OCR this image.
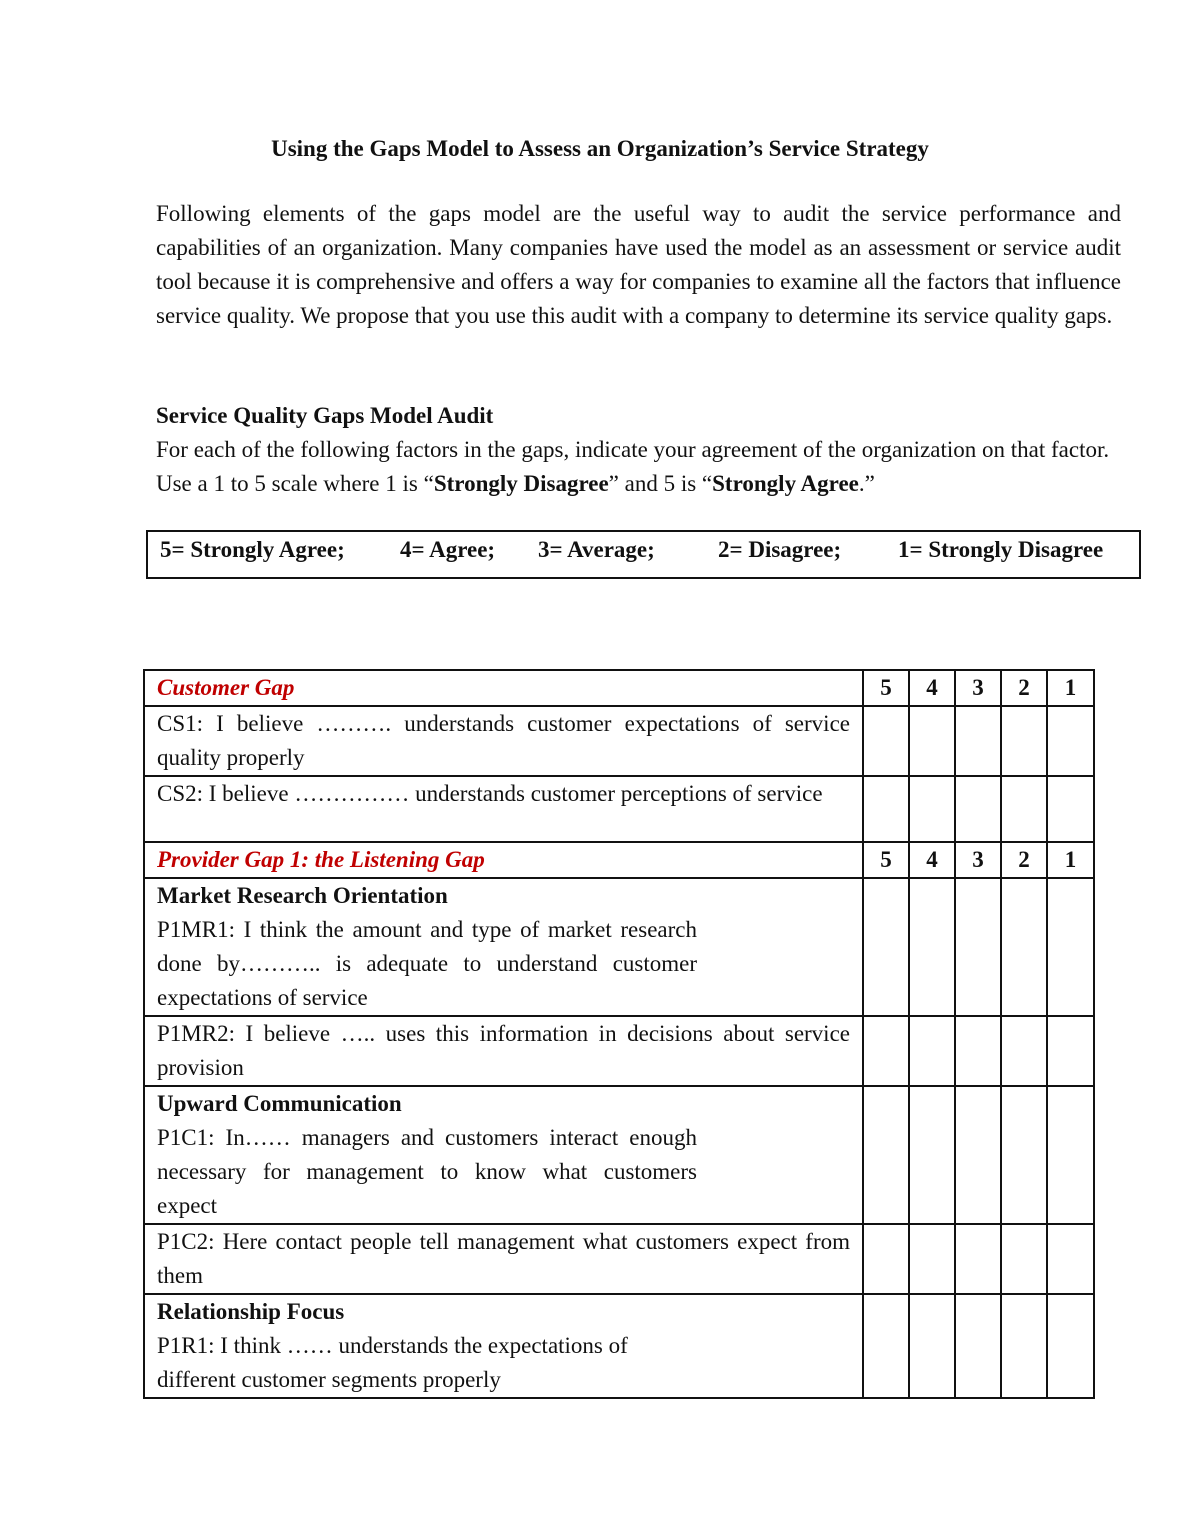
Using the Gaps Model to Assess an Organization’s Service Strategy

Following elements of the gaps model are the useful way to audit the service performance and capabilities of an organization. Many companies have used the model as an assessment or service audit tool because it is comprehensive and offers a way for companies to examine all the factors that influence service quality. We propose that you use this audit with a company to determine its service quality gaps.

Service Quality Gaps Model Audit

For each of the following factors in the gaps, indicate your agreement of the organization on that factor. Use a 1 to 5 scale where 1 is “Strongly Disagree” and 5 is “Strongly Agree.”

5= Strongly Agree; 4= Agree; 3= Average;	2= Disagree; 1= Strongly Disagree
Customer Gap	5	4	3	2	1
CS1: I believe ………. understands customer expectations of service quality properly					
CS2: I believe …………… understands customer perceptions of service					
Provider Gap 1: the Listening Gap	5	4	3	2	1

Market Research Orientation
P1MR1: I think the amount and type of market research done by……….. is adequate to understand customer expectations of service					

P1MR2: I believe ….. uses this information in decisions about service provision					

Upward Communication
P1C1: In…… managers and customers interact enough necessary for management to know what customers expect					

P1C2: Here contact people tell management what customers expect from them					

Relationship Focus
P1R1: I think …… understands the expectations of different customer segments properly					
